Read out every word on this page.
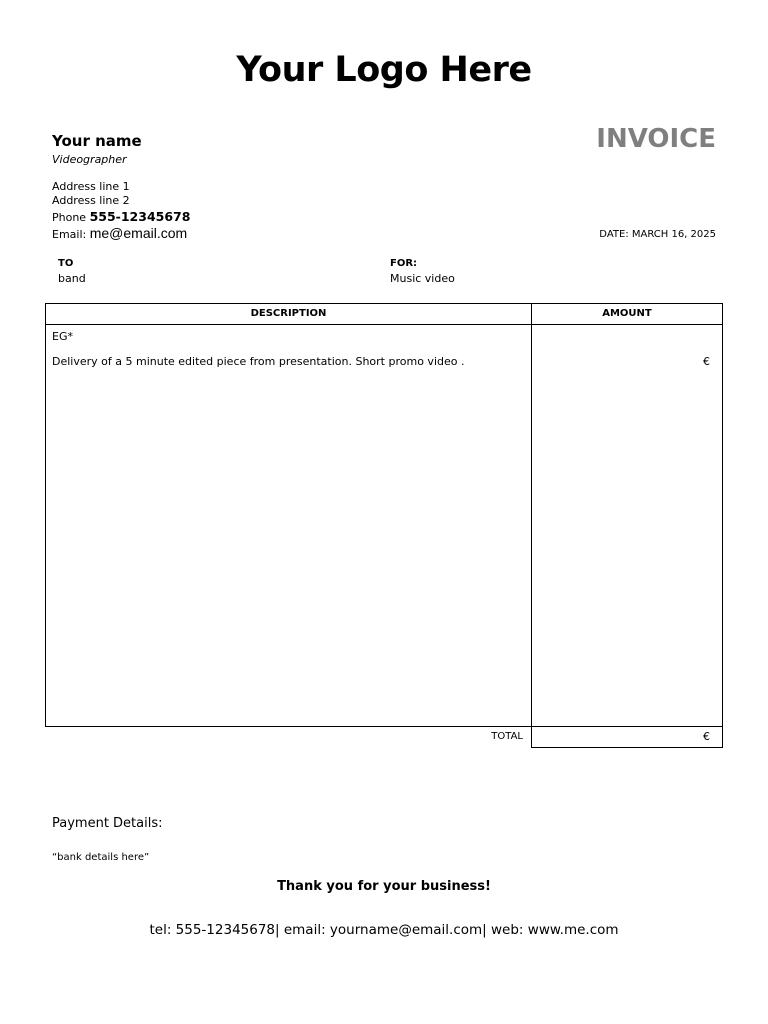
Your Logo Here
Your name
Videographer
INVOICE
Address line 1
Address line 2
Phone 555-12345678
Email: me@email.com	DATE: MARCH 16, 2025
TO
band
FOR:
Music video
DESCRIPTION	AMOUNT
EG*
Delivery of a 5 minute edited piece from presentation. Short promo video .	€
TOTAL	€
Payment Details:
“bank details here”
Thank you for your business!
tel: 555-12345678| email: yourname@email.com| web: www.me.com
